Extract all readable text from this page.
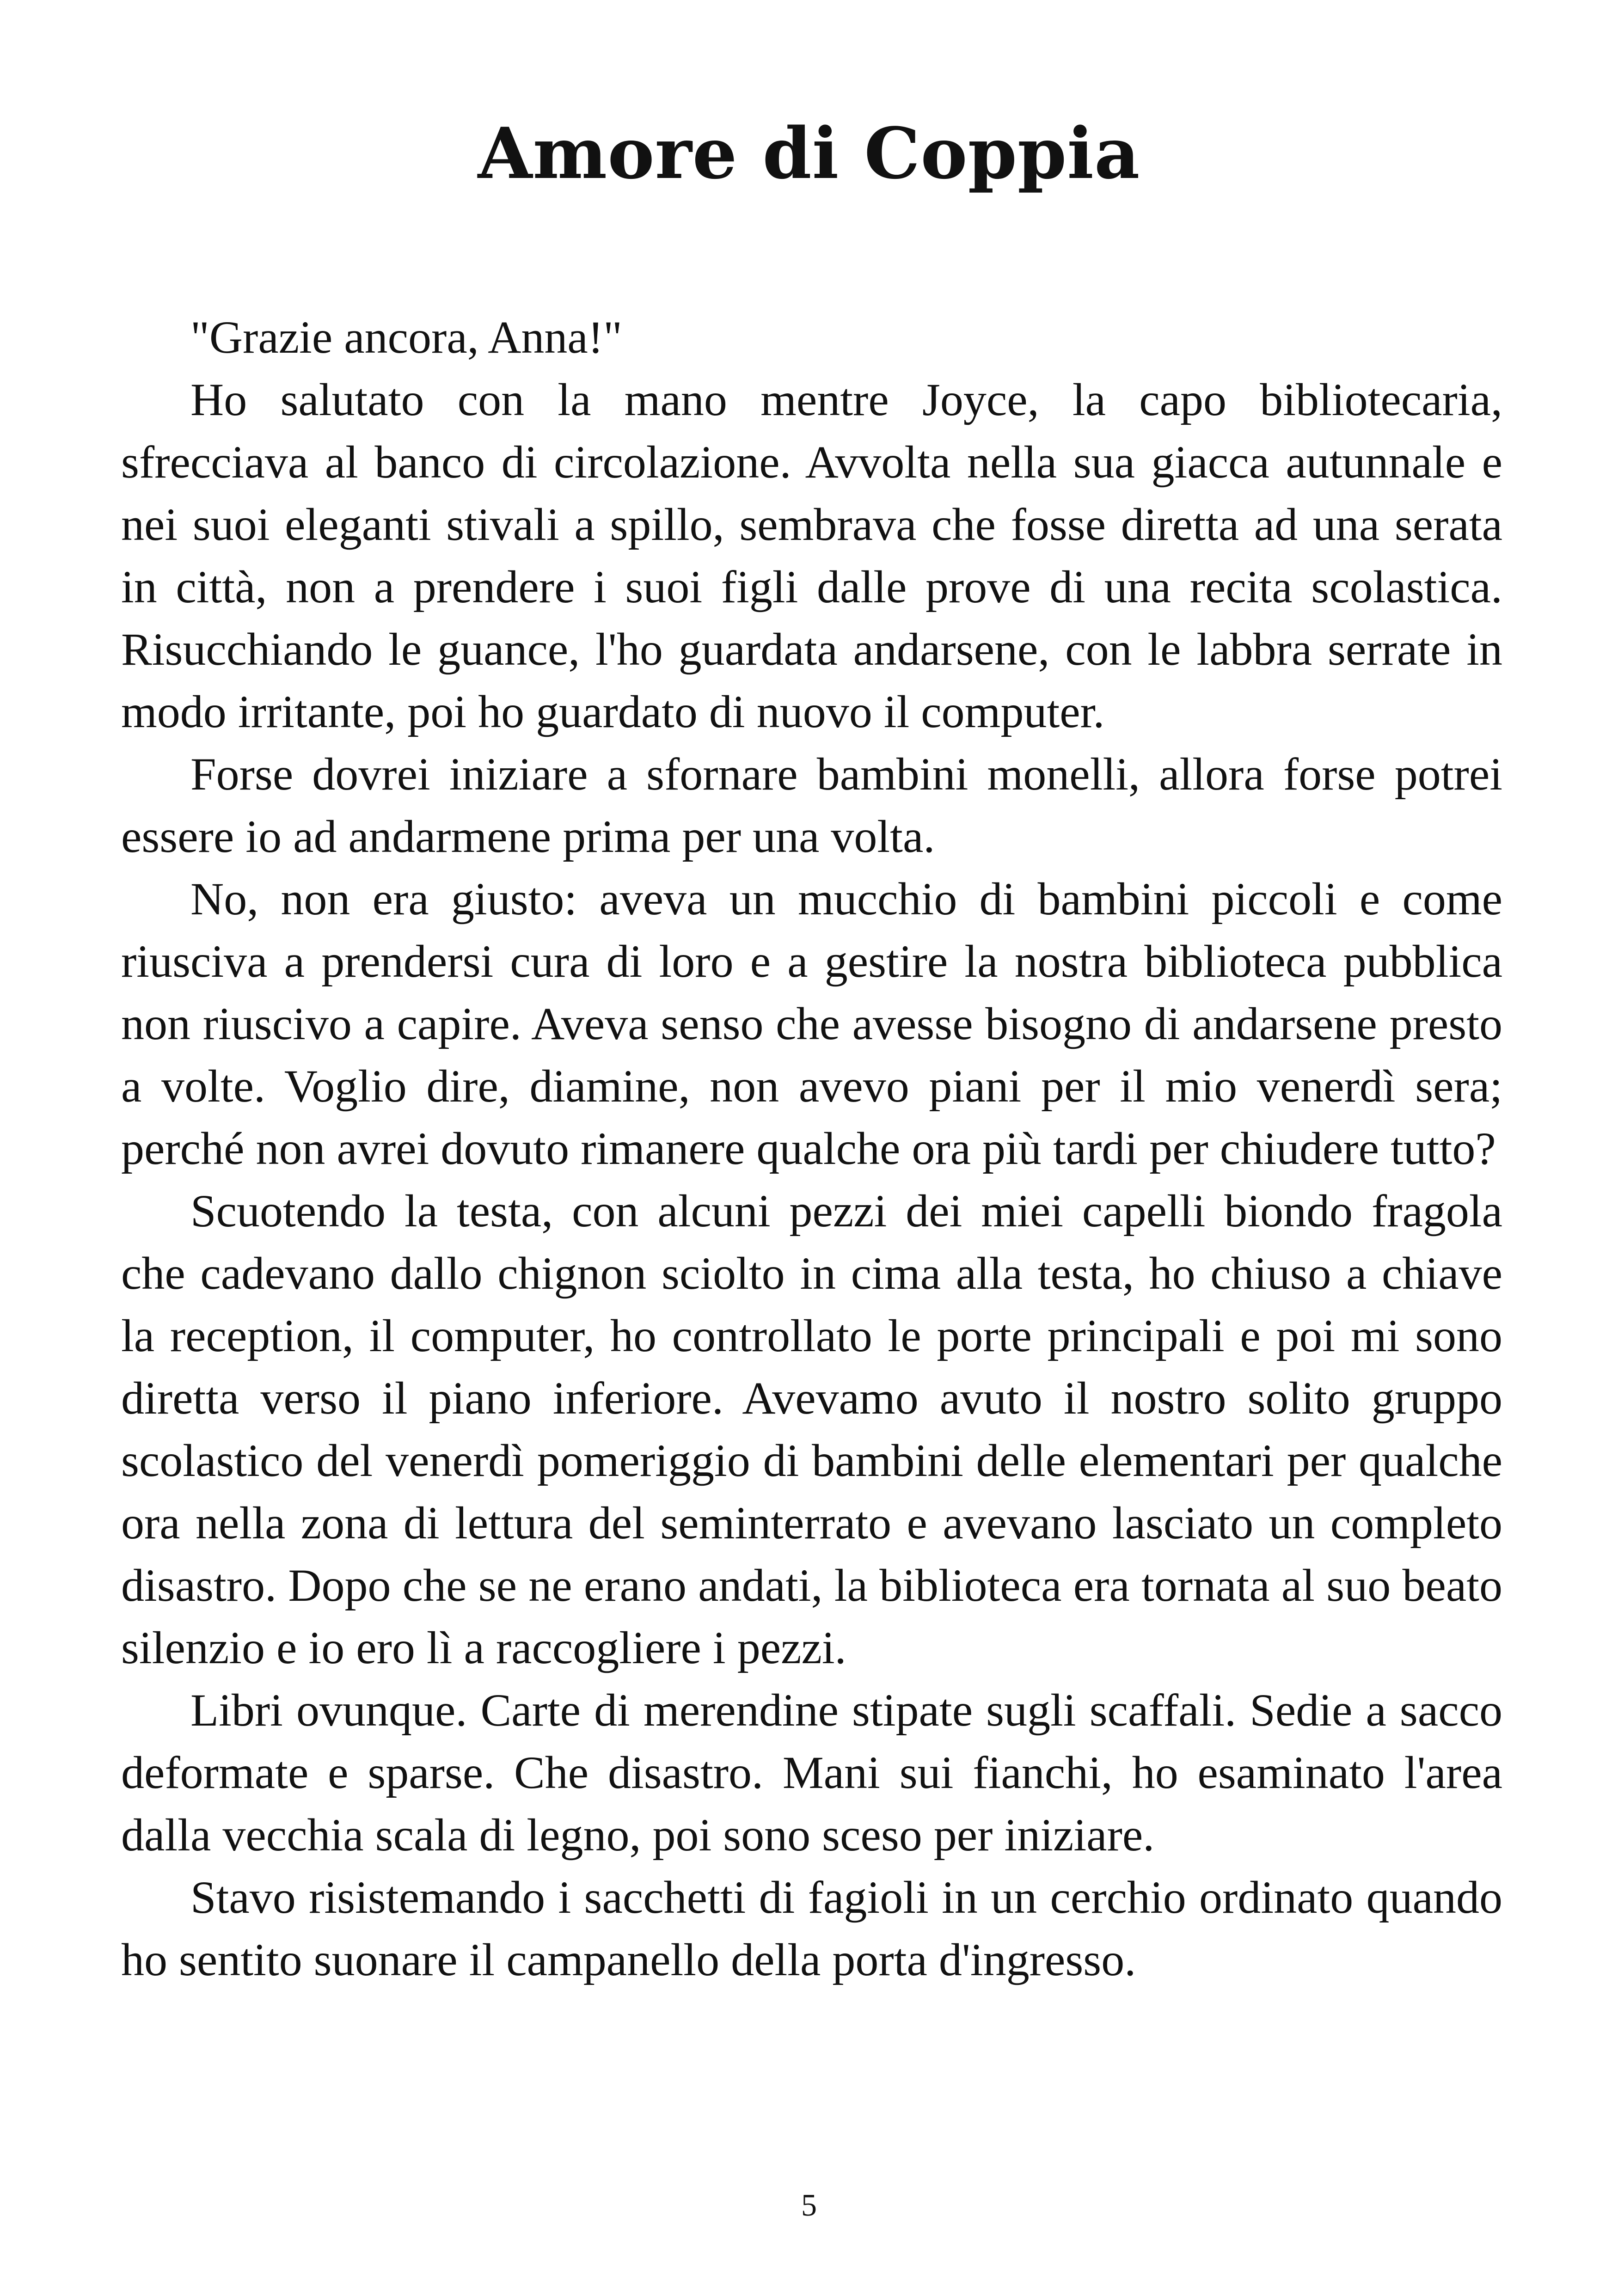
Amore di Coppia

"Grazie ancora, Anna!"

Ho salutato con la mano mentre Joyce, la capo bibliotecaria, sfrecciava al banco di circolazione. Avvolta nella sua giacca autunnale e nei suoi eleganti stivali a spillo, sembrava che fosse diretta ad una serata in città, non a prendere i suoi figli dalle prove di una recita scolastica. Risucchiando le guance, l'ho guardata andarsene, con le labbra serrate in modo irritante, poi ho guardato di nuovo il computer.

Forse dovrei iniziare a sfornare bambini monelli, allora forse potrei essere io ad andarmene prima per una volta.

No, non era giusto: aveva un mucchio di bambini piccoli e come riusciva a prendersi cura di loro e a gestire la nostra biblioteca pubblica non riuscivo a capire. Aveva senso che avesse bisogno di andarsene presto a volte. Voglio dire, diamine, non avevo piani per il mio venerdì sera; perché non avrei dovuto rimanere qualche ora più tardi per chiudere tutto?

Scuotendo la testa, con alcuni pezzi dei miei capelli biondo fragola che cadevano dallo chignon sciolto in cima alla testa, ho chiuso a chiave la reception, il computer, ho controllato le porte principali e poi mi sono diretta verso il piano inferiore. Avevamo avuto il nostro solito gruppo scolastico del venerdì pomeriggio di bambini delle elementari per qualche ora nella zona di lettura del seminterrato e avevano lasciato un completo disastro. Dopo che se ne erano andati, la biblioteca era tornata al suo beato silenzio e io ero lì a raccogliere i pezzi.

Libri ovunque. Carte di merendine stipate sugli scaffali. Sedie a sacco deformate e sparse. Che disastro. Mani sui fianchi, ho esaminato l'area dalla vecchia scala di legno, poi sono sceso per iniziare.

Stavo risistemando i sacchetti di fagioli in un cerchio ordinato quando ho sentito suonare il campanello della porta d'ingresso.

5
